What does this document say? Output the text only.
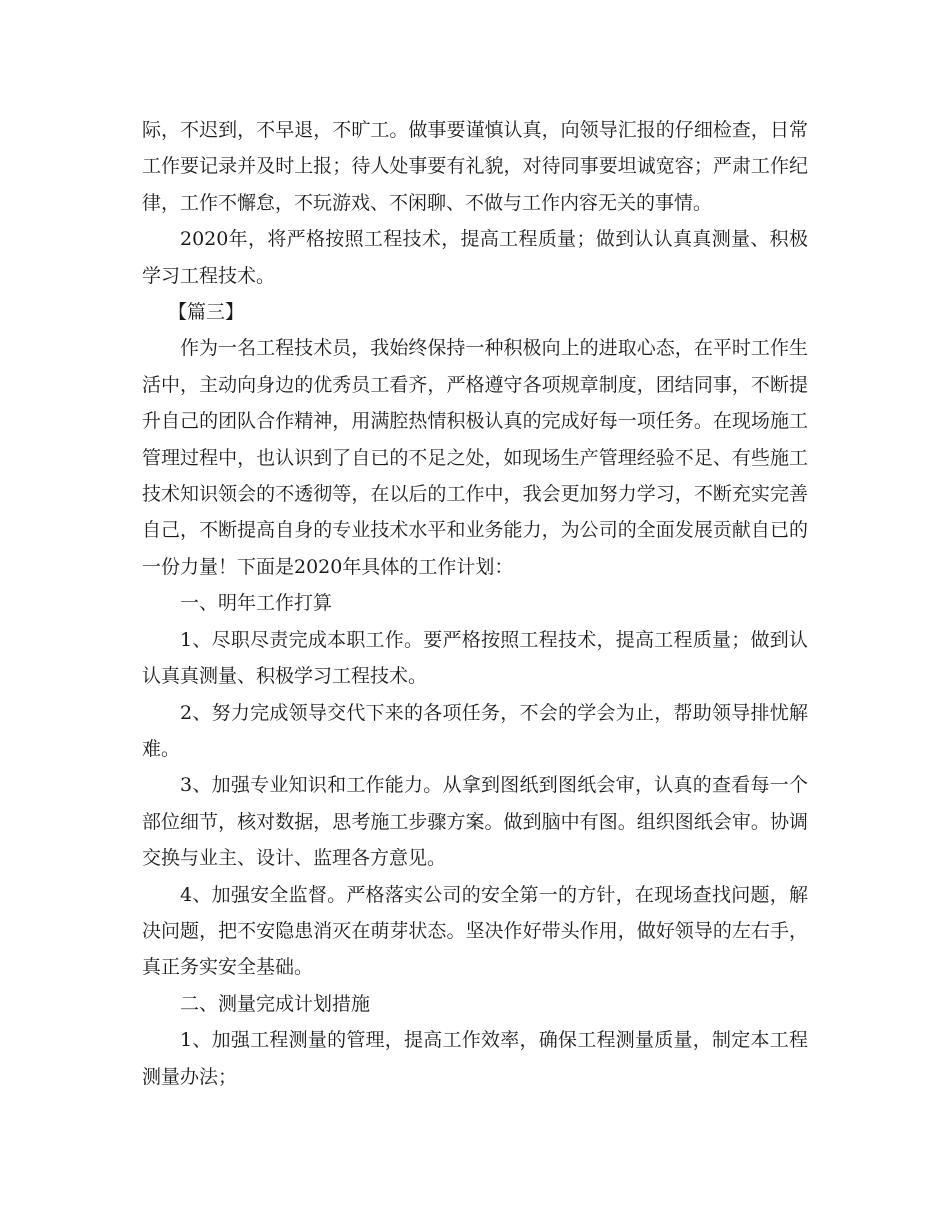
际，不迟到，不早退，不旷工。做事要谨慎认真，向领导汇报的仔细检查，日常工作要记录并及时上报；待人处事要有礼貌，对待同事要坦诚宽容；严肃工作纪律，工作不懈怠，不玩游戏、不闲聊、不做与工作内容无关的事情。

2020年，将严格按照工程技术，提高工程质量；做到认认真真测量、积极学习工程技术。

【篇三】

作为一名工程技术员，我始终保持一种积极向上的进取心态，在平时工作生活中，主动向身边的优秀员工看齐，严格遵守各项规章制度，团结同事，不断提升自己的团队合作精神，用满腔热情积极认真的完成好每一项任务。在现场施工管理过程中，也认识到了自已的不足之处，如现场生产管理经验不足、有些施工技术知识领会的不透彻等，在以后的工作中，我会更加努力学习，不断充实完善自己，不断提高自身的专业技术水平和业务能力，为公司的全面发展贡献自已的一份力量！下面是2020年具体的工作计划：

一、明年工作打算

1、尽职尽责完成本职工作。要严格按照工程技术，提高工程质量；做到认认真真测量、积极学习工程技术。

2、努力完成领导交代下来的各项任务，不会的学会为止，帮助领导排忧解难。

3、加强专业知识和工作能力。从拿到图纸到图纸会审，认真的查看每一个部位细节，核对数据，思考施工步骤方案。做到脑中有图。组织图纸会审。协调交换与业主、设计、监理各方意见。

4、加强安全监督。严格落实公司的安全第一的方针，在现场查找问题，解决问题，把不安隐患消灭在萌芽状态。坚决作好带头作用，做好领导的左右手，真正务实安全基础。

二、测量完成计划措施

1、加强工程测量的管理，提高工作效率，确保工程测量质量，制定本工程测量办法；
